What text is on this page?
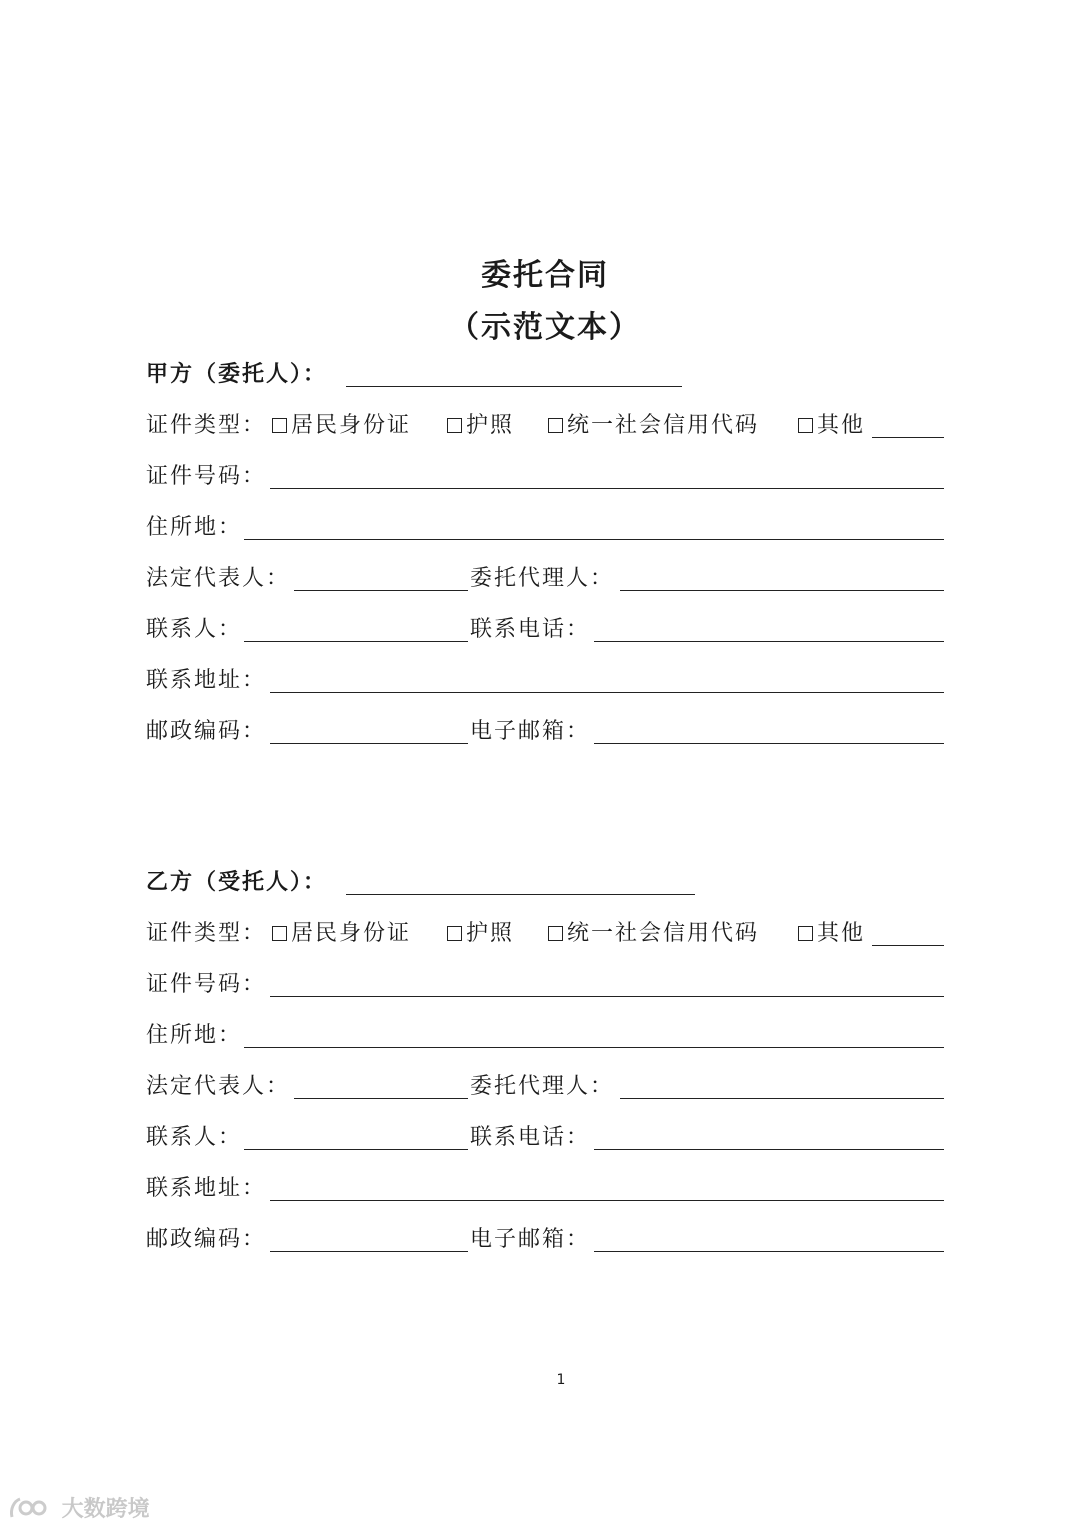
委托合同
（示范文本）
甲方（委托人）：
证件类型：	居民身份证	护照	统一社会信用代码	其他
证件号码：
住所地：
法定代表人：	委托代理人：
联系人：	联系电话：
联系地址：
邮政编码：	电子邮箱：
乙方（受托人）：
证件类型：	居民身份证	护照	统一社会信用代码	其他
证件号码：
住所地：
法定代表人：	委托代理人：
联系人：	联系电话：
联系地址：
邮政编码：	电子邮箱：
1
大数跨境
